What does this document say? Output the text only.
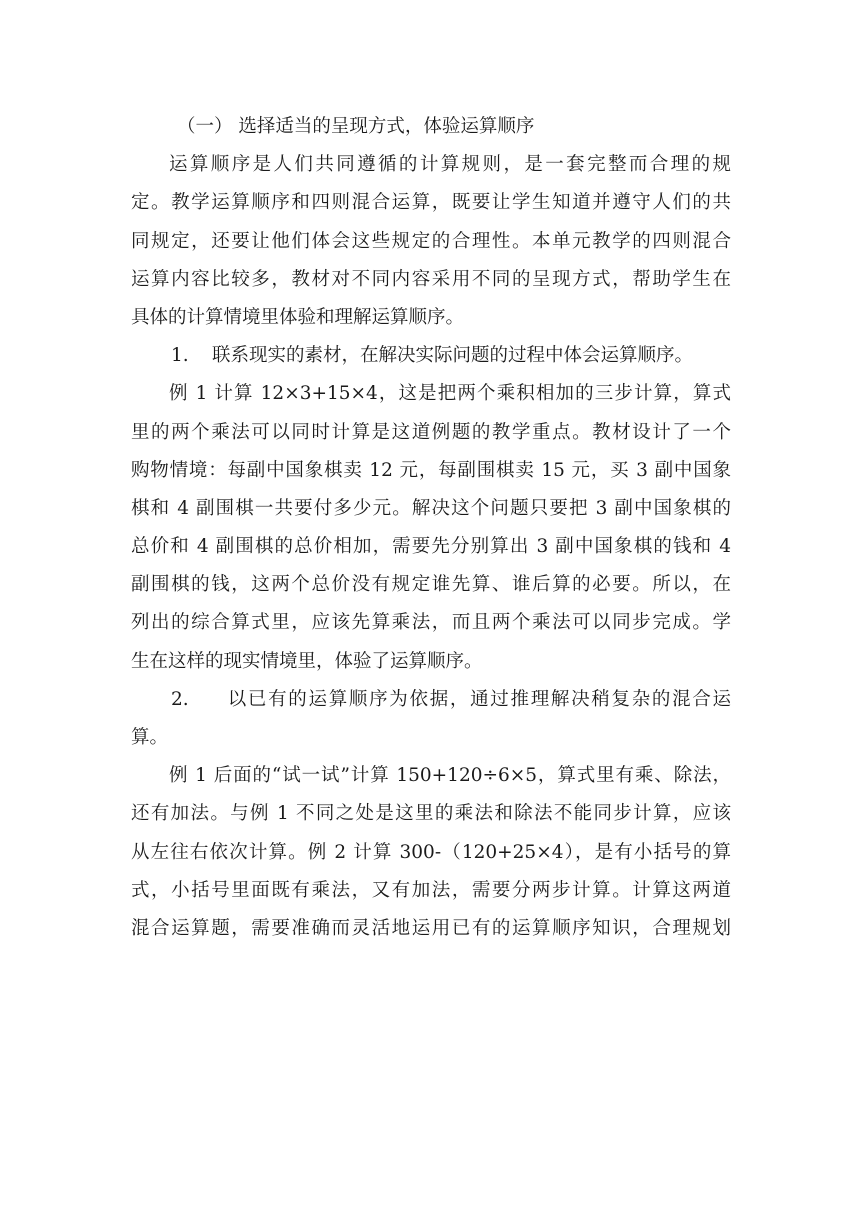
（一） 选择适当的呈现方式，体验运算顺序
运算顺序是人们共同遵循的计算规则，是一套完整而合理的规
定。教学运算顺序和四则混合运算，既要让学生知道并遵守人们的共
同规定，还要让他们体会这些规定的合理性。本单元教学的四则混合
运算内容比较多，教材对不同内容采用不同的呈现方式，帮助学生在
具体的计算情境里体验和理解运算顺序。
1. 联系现实的素材，在解决实际问题的过程中体会运算顺序。
例 1 计算 12×3+15×4，这是把两个乘积相加的三步计算，算式
里的两个乘法可以同时计算是这道例题的教学重点。教材设计了一个
购物情境：每副中国象棋卖 12 元，每副围棋卖 15 元，买 3 副中国象
棋和 4 副围棋一共要付多少元。解决这个问题只要把 3 副中国象棋的
总价和 4 副围棋的总价相加，需要先分别算出 3 副中国象棋的钱和 4
副围棋的钱，这两个总价没有规定谁先算、谁后算的必要。所以，在
列出的综合算式里，应该先算乘法，而且两个乘法可以同步完成。学
生在这样的现实情境里，体验了运算顺序。
2. 以已有的运算顺序为依据，通过推理解决稍复杂的混合运
算。
例 1 后面的“试一试”计算 150+120÷6×5，算式里有乘、除法，
还有加法。与例 1 不同之处是这里的乘法和除法不能同步计算，应该
从左往右依次计算。例 2 计算 300-（120+25×4），是有小括号的算
式，小括号里面既有乘法，又有加法，需要分两步计算。计算这两道
混合运算题，需要准确而灵活地运用已有的运算顺序知识，合理规划
